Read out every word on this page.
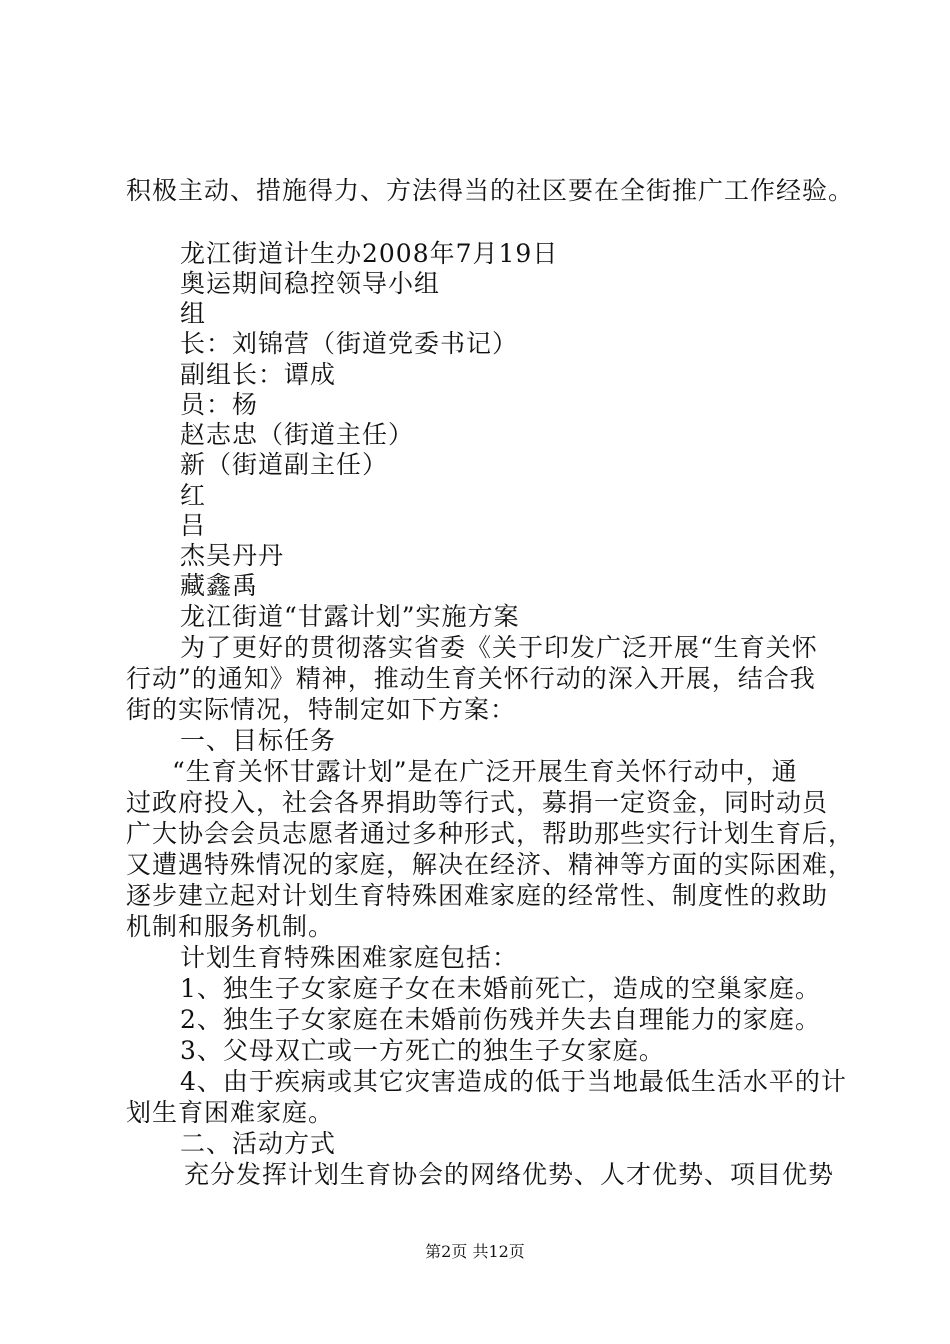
积极主动、措施得力、方法得当的社区要在全街推广工作经验。
龙江街道计生办2008年7月19日
奥运期间稳控领导小组
组
长：刘锦营（街道党委书记）
副组长：谭成
员：杨
赵志忠（街道主任）
新（街道副主任）
红
吕
杰吴丹丹
藏鑫禹
龙江街道“甘露计划”实施方案
为了更好的贯彻落实省委《关于印发广泛开展“生育关怀
行动”的通知》精神，推动生育关怀行动的深入开展，结合我
街的实际情况，特制定如下方案：
一、目标任务
“生育关怀甘露计划”是在广泛开展生育关怀行动中，通
过政府投入，社会各界捐助等行式，募捐一定资金，同时动员
广大协会会员志愿者通过多种形式，帮助那些实行计划生育后，
又遭遇特殊情况的家庭，解决在经济、精神等方面的实际困难，
逐步建立起对计划生育特殊困难家庭的经常性、制度性的救助
机制和服务机制。
计划生育特殊困难家庭包括：
1、独生子女家庭子女在未婚前死亡，造成的空巢家庭。
2、独生子女家庭在未婚前伤残并失去自理能力的家庭。
3、父母双亡或一方死亡的独生子女家庭。
4、由于疾病或其它灾害造成的低于当地最低生活水平的计
划生育困难家庭。
二、活动方式
充分发挥计划生育协会的网络优势、人才优势、项目优势
第2页 共12页
